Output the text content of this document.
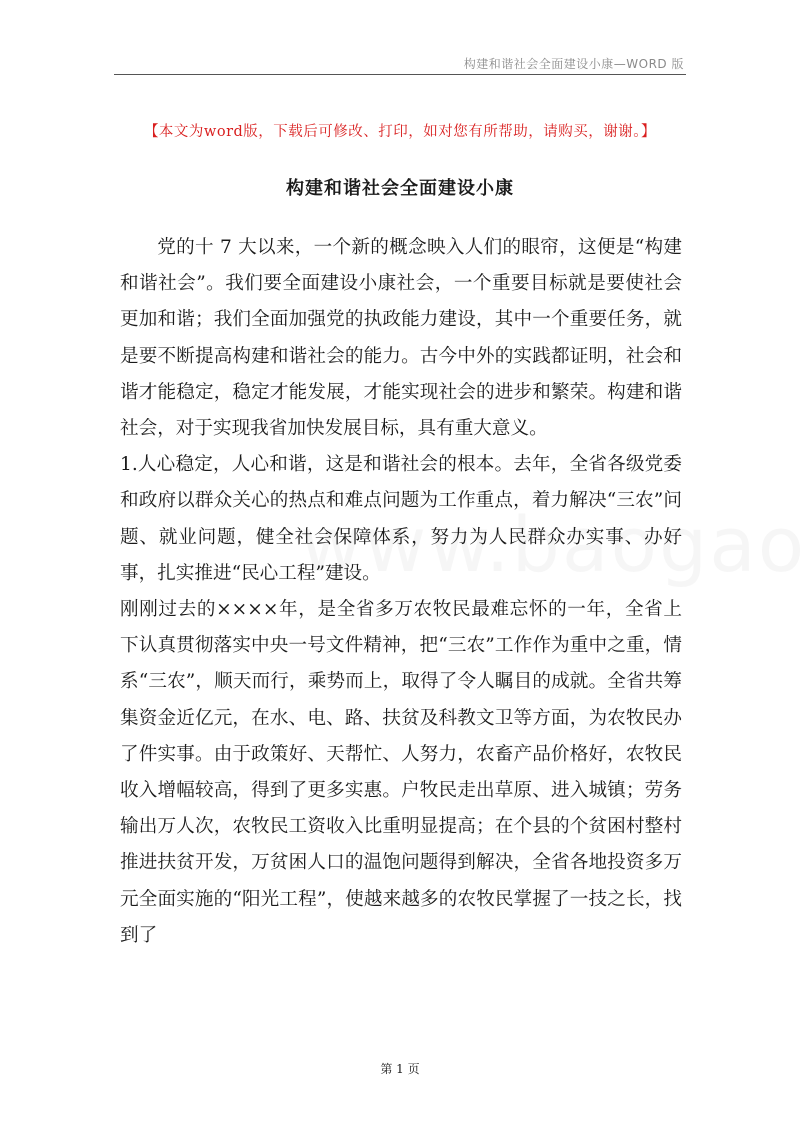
构建和谐社会全面建设小康—WORD 版
【本文为word版，下载后可修改、打印，如对您有所帮助，请购买，谢谢。】
构建和谐社会全面建设小康

党的十 7 大以来，一个新的概念映入人们的眼帘，这便是“构建和谐社会”。我们要全面建设小康社会，一个重要目标就是要使社会更加和谐；我们全面加强党的执政能力建设，其中一个重要任务，就是要不断提高构建和谐社会的能力。古今中外的实践都证明，社会和谐才能稳定，稳定才能发展，才能实现社会的进步和繁荣。构建和谐社会，对于实现我省加快发展目标，具有重大意义。

1.人心稳定，人心和谐，这是和谐社会的根本。去年，全省各级党委和政府以群众关心的热点和难点问题为工作重点，着力解决“三农”问题、就业问题，健全社会保障体系，努力为人民群众办实事、办好事，扎实推进“民心工程”建设。

刚刚过去的××××年，是全省多万农牧民最难忘怀的一年，全省上下认真贯彻落实中央一号文件精神，把“三农”工作作为重中之重，情系“三农”，顺天而行，乘势而上，取得了令人瞩目的成就。全省共筹集资金近亿元，在水、电、路、扶贫及科教文卫等方面，为农牧民办了件实事。由于政策好、天帮忙、人努力，农畜产品价格好，农牧民收入增幅较高，得到了更多实惠。户牧民走出草原、进入城镇；劳务输出万人次，农牧民工资收入比重明显提高；在个县的个贫困村整村推进扶贫开发，万贫困人口的温饱问题得到解决，全省各地投资多万元全面实施的“阳光工程”，使越来越多的农牧民掌握了一技之长，找到了

第 1 页
